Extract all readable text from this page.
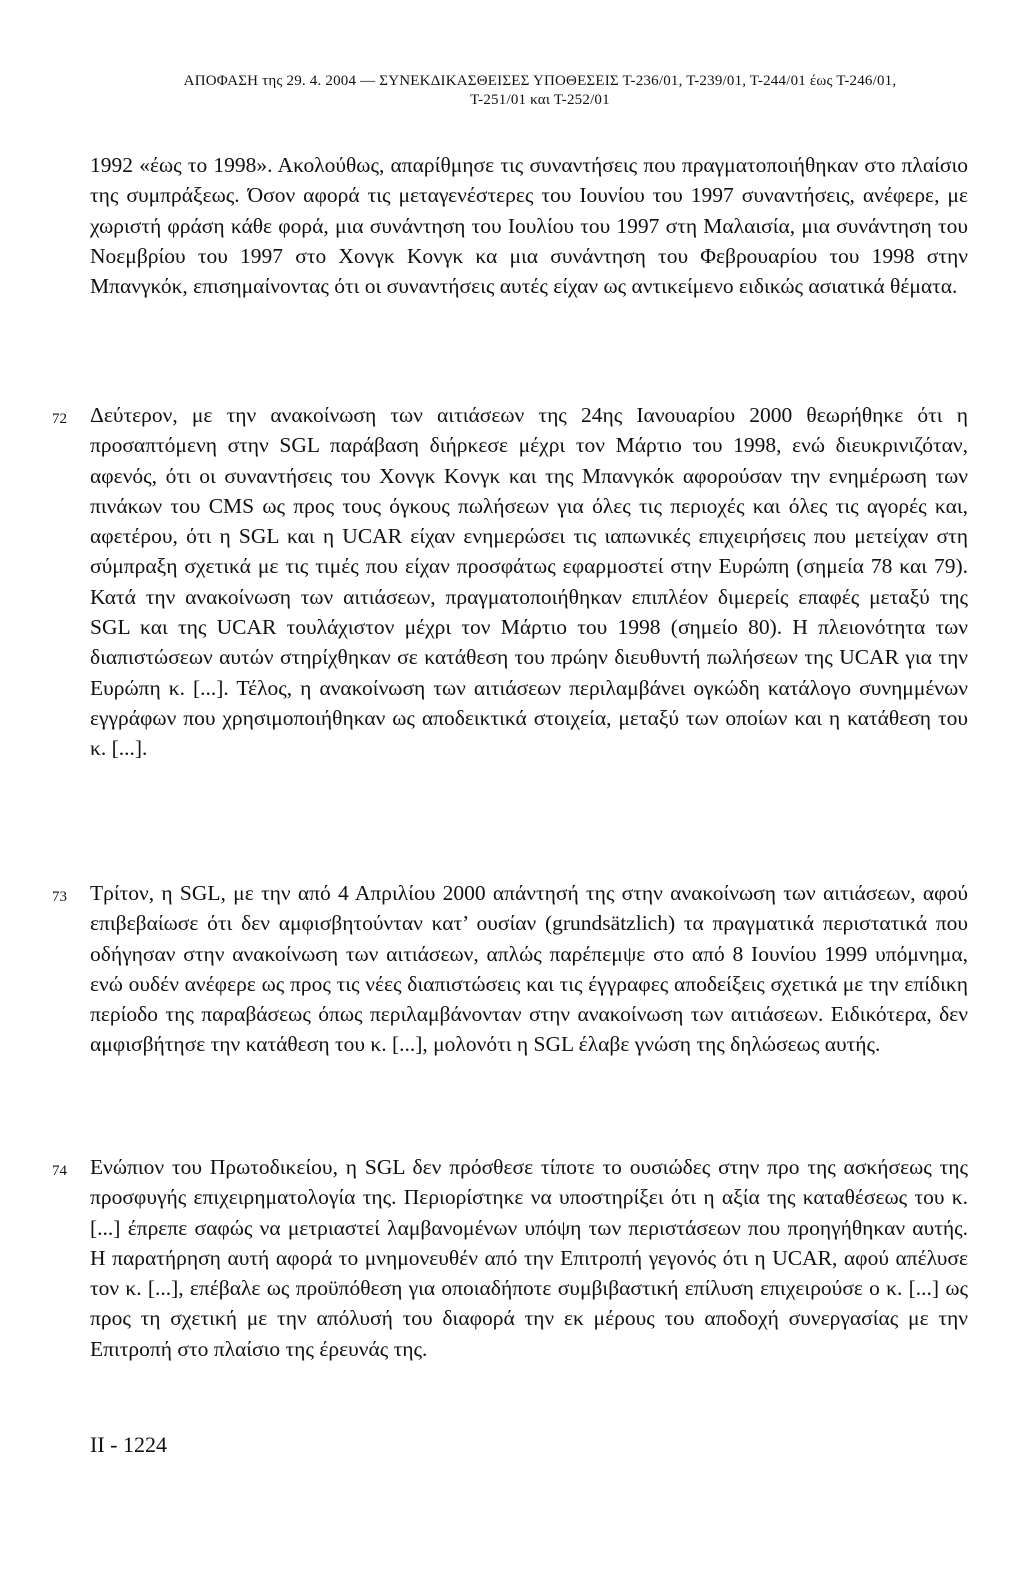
ΑΠΟΦΑΣΗ της 29. 4. 2004 — ΣΥΝΕΚΔΙΚΑΣΘΕΙΣΕΣ ΥΠΟΘΕΣΕΙΣ Τ-236/01, Τ-239/01, Τ-244/01 έως Τ-246/01,
Τ-251/01 και Τ-252/01

1992 «έως το 1998». Ακολούθως, απαρίθμησε τις συναντήσεις που πραγματοποιήθηκαν στο πλαίσιο της συμπράξεως. Όσον αφορά τις μεταγενέστερες του Ιουνίου του 1997 συναντήσεις, ανέφερε, με χωριστή φράση κάθε φορά, μια συνάντηση του Ιουλίου του 1997 στη Μαλαισία, μια συνάντηση του Νοεμβρίου του 1997 στο Χονγκ Κονγκ κα μια συνάντηση του Φεβρουαρίου του 1998 στην Μπανγκόκ, επισημαίνοντας ότι οι συναντήσεις αυτές είχαν ως αντικείμενο ειδικώς ασιατικά θέματα.

72 Δεύτερον, με την ανακοίνωση των αιτιάσεων της 24ης Ιανουαρίου 2000 θεωρήθηκε ότι η προσαπτόμενη στην SGL παράβαση διήρκεσε μέχρι τον Μάρτιο του 1998, ενώ διευκρινιζόταν, αφενός, ότι οι συναντήσεις του Χονγκ Κονγκ και της Μπανγκόκ αφορούσαν την ενημέρωση των πινάκων του CMS ως προς τους όγκους πωλήσεων για όλες τις περιοχές και όλες τις αγορές και, αφετέρου, ότι η SGL και η UCAR είχαν ενημερώσει τις ιαπωνικές επιχειρήσεις που μετείχαν στη σύμπραξη σχετικά με τις τιμές που είχαν προσφάτως εφαρμοστεί στην Ευρώπη (σημεία 78 και 79). Κατά την ανακοίνωση των αιτιάσεων, πραγματοποιήθηκαν επιπλέον διμερείς επαφές μεταξύ της SGL και της UCAR τουλάχιστον μέχρι τον Μάρτιο του 1998 (σημείο 80). Η πλειονότητα των διαπιστώσεων αυτών στηρίχθηκαν σε κατάθεση του πρώην διευθυντή πωλήσεων της UCAR για την Ευρώπη κ. [...]. Τέλος, η ανακοίνωση των αιτιάσεων περιλαμβάνει ογκώδη κατάλογο συνημμένων εγγράφων που χρησιμοποιήθηκαν ως αποδεικτικά στοιχεία, μεταξύ των οποίων και η κατάθεση του κ. [...].

73 Τρίτον, η SGL, με την από 4 Απριλίου 2000 απάντησή της στην ανακοίνωση των αιτιάσεων, αφού επιβεβαίωσε ότι δεν αμφισβητούνταν κατ’ ουσίαν (grundsätzlich) τα πραγματικά περιστατικά που οδήγησαν στην ανακοίνωση των αιτιάσεων, απλώς παρέπεμψε στο από 8 Ιουνίου 1999 υπόμνημα, ενώ ουδέν ανέφερε ως προς τις νέες διαπιστώσεις και τις έγγραφες αποδείξεις σχετικά με την επίδικη περίοδο της παραβάσεως όπως περιλαμβάνονταν στην ανακοίνωση των αιτιάσεων. Ειδικότερα, δεν αμφισβήτησε την κατάθεση του κ. [...], μολονότι η SGL έλαβε γνώση της δηλώσεως αυτής.

74 Ενώπιον του Πρωτοδικείου, η SGL δεν πρόσθεσε τίποτε το ουσιώδες στην προ της ασκήσεως της προσφυγής επιχειρηματολογία της. Περιορίστηκε να υποστηρίξει ότι η αξία της καταθέσεως του κ. [...] έπρεπε σαφώς να μετριαστεί λαμβανομένων υπόψη των περιστάσεων που προηγήθηκαν αυτής. Η παρατήρηση αυτή αφορά το μνημονευθέν από την Επιτροπή γεγονός ότι η UCAR, αφού απέλυσε τον κ. [...], επέβαλε ως προϋπόθεση για οποιαδήποτε συμβιβαστική επίλυση επιχειρούσε ο κ. [...] ως προς τη σχετική με την απόλυσή του διαφορά την εκ μέρους του αποδοχή συνεργασίας με την Επιτροπή στο πλαίσιο της έρευνάς της.

II - 1224
